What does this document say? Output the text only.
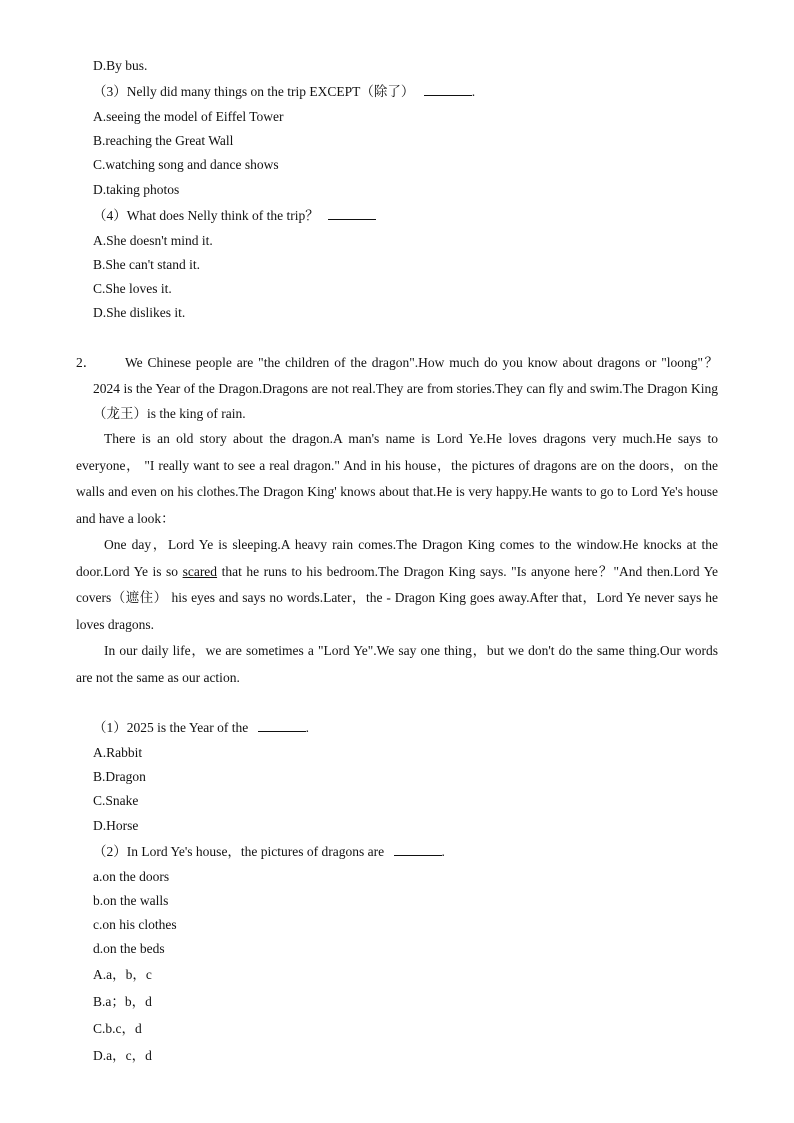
D.By bus.
（3）Nelly did many things on the trip EXCEPT（除了）	.
A.seeing the model of Eiffel Tower
B.reaching the Great Wall
C.watching song and dance shows
D.taking photos
（4）What does Nelly think of the trip？
A.She doesn't mind it.
B.She can't stand it.
C.She loves it.
D.She dislikes it.
2．	We Chinese people are "the children of the dragon".How much do you know about dragons or "loong"？2024 is the Year of the Dragon.Dragons are not real.They are from stories.They can fly and swim.The Dragon King（龙王）is the king of rain.

There is an old story about the dragon.A man's name is Lord Ye.He loves dragons very much.He says to everyone， "I really want to see a real dragon." And in his house，the pictures of dragons are on the doors，on the walls and even on his clothes.The Dragon King' knows about that.He is very happy.He wants to go to Lord Ye's house and have a look：

One day，Lord Ye is sleeping.A heavy rain comes.The Dragon King comes to the window.He knocks at the door.Lord Ye is so scared that he runs to his bedroom.The Dragon King says. "Is anyone here？"And then.Lord Ye covers（遮住） his eyes and says no words.Later，the - Dragon King goes away.After that，Lord Ye never says he loves dragons.

In our daily life，we are sometimes a "Lord Ye".We say one thing，but we don't do the same thing.Our words are not the same as our action.

（1）2025 is the Year of the	.
A.Rabbit
B.Dragon
C.Snake
D.Horse
（2）In Lord Ye's house，the pictures of dragons are	.
a.on the doors
b.on the walls
c.on his clothes
d.on the beds
A.a，b，c
B.a；b，d
C.b.c，d
D.a，c，d
